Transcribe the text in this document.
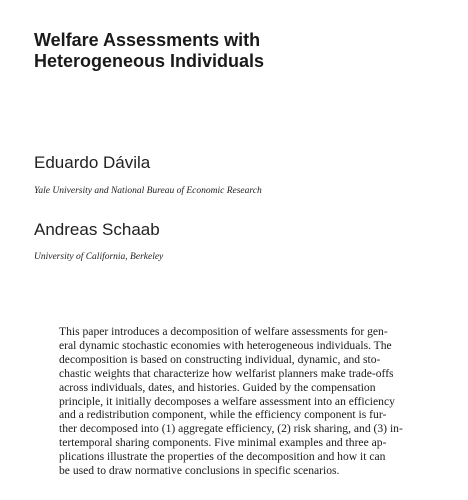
Welfare Assessments with
Heterogeneous Individuals
Eduardo Dávila
Yale University and National Bureau of Economic Research
Andreas Schaab
University of California, Berkeley
This paper introduces a decomposition of welfare assessments for gen-
eral dynamic stochastic economies with heterogeneous individuals. The
decomposition is based on constructing individual, dynamic, and sto-
chastic weights that characterize how welfarist planners make trade-offs
across individuals, dates, and histories. Guided by the compensation
principle, it initially decomposes a welfare assessment into an efficiency
and a redistribution component, while the efficiency component is fur-
ther decomposed into (1) aggregate efficiency, (2) risk sharing, and (3) in-
tertemporal sharing components. Five minimal examples and three ap-
plications illustrate the properties of the decomposition and how it can
be used to draw normative conclusions in specific scenarios.
